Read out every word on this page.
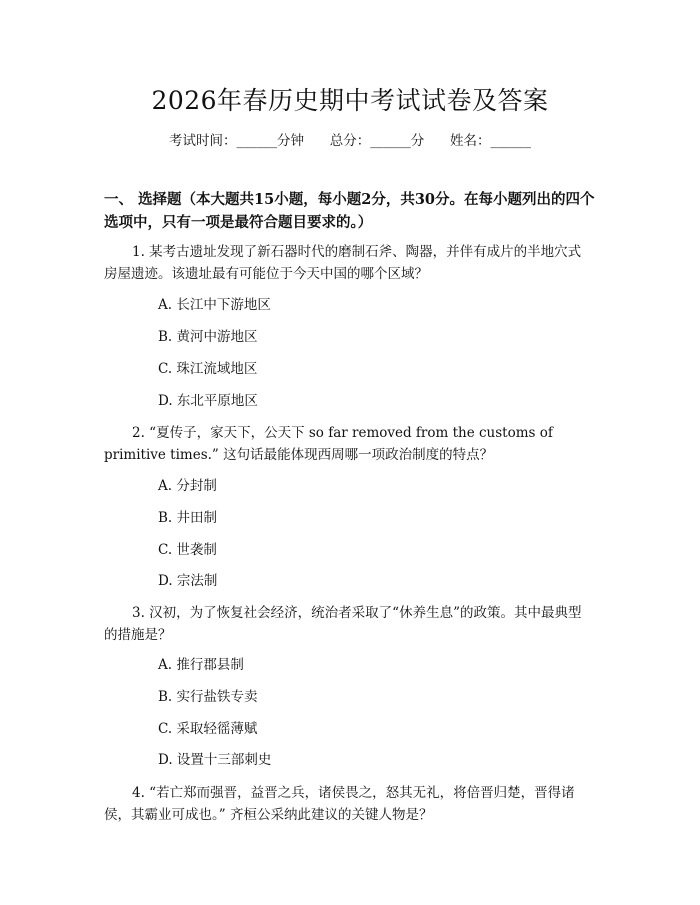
2026年春历史期中考试试卷及答案
考试时间：______分钟      总分：______分      姓名：______
一、 选择题（本大题共15小题，每小题2分，共30分。在每小题列出的四个选项中，只有一项是最符合题目要求的。）
1. 某考古遗址发现了新石器时代的磨制石斧、陶器，并伴有成片的半地穴式房屋遗迹。该遗址最有可能位于今天中国的哪个区域？
A. 长江中下游地区
B. 黄河中游地区
C. 珠江流域地区
D. 东北平原地区
2. “夏传子，家天下，公天下 so far removed from the customs of primitive times.” 这句话最能体现西周哪一项政治制度的特点？
A. 分封制
B. 井田制
C. 世袭制
D. 宗法制
3. 汉初，为了恢复社会经济，统治者采取了“休养生息”的政策。其中最典型的措施是？
A. 推行郡县制
B. 实行盐铁专卖
C. 采取轻徭薄赋
D. 设置十三部刺史
4. “若亡郑而强晋，益晋之兵，诸侯畏之，怒其无礼，将倍晋归楚，晋得诸侯，其霸业可成也。” 齐桓公采纳此建议的关键人物是？
